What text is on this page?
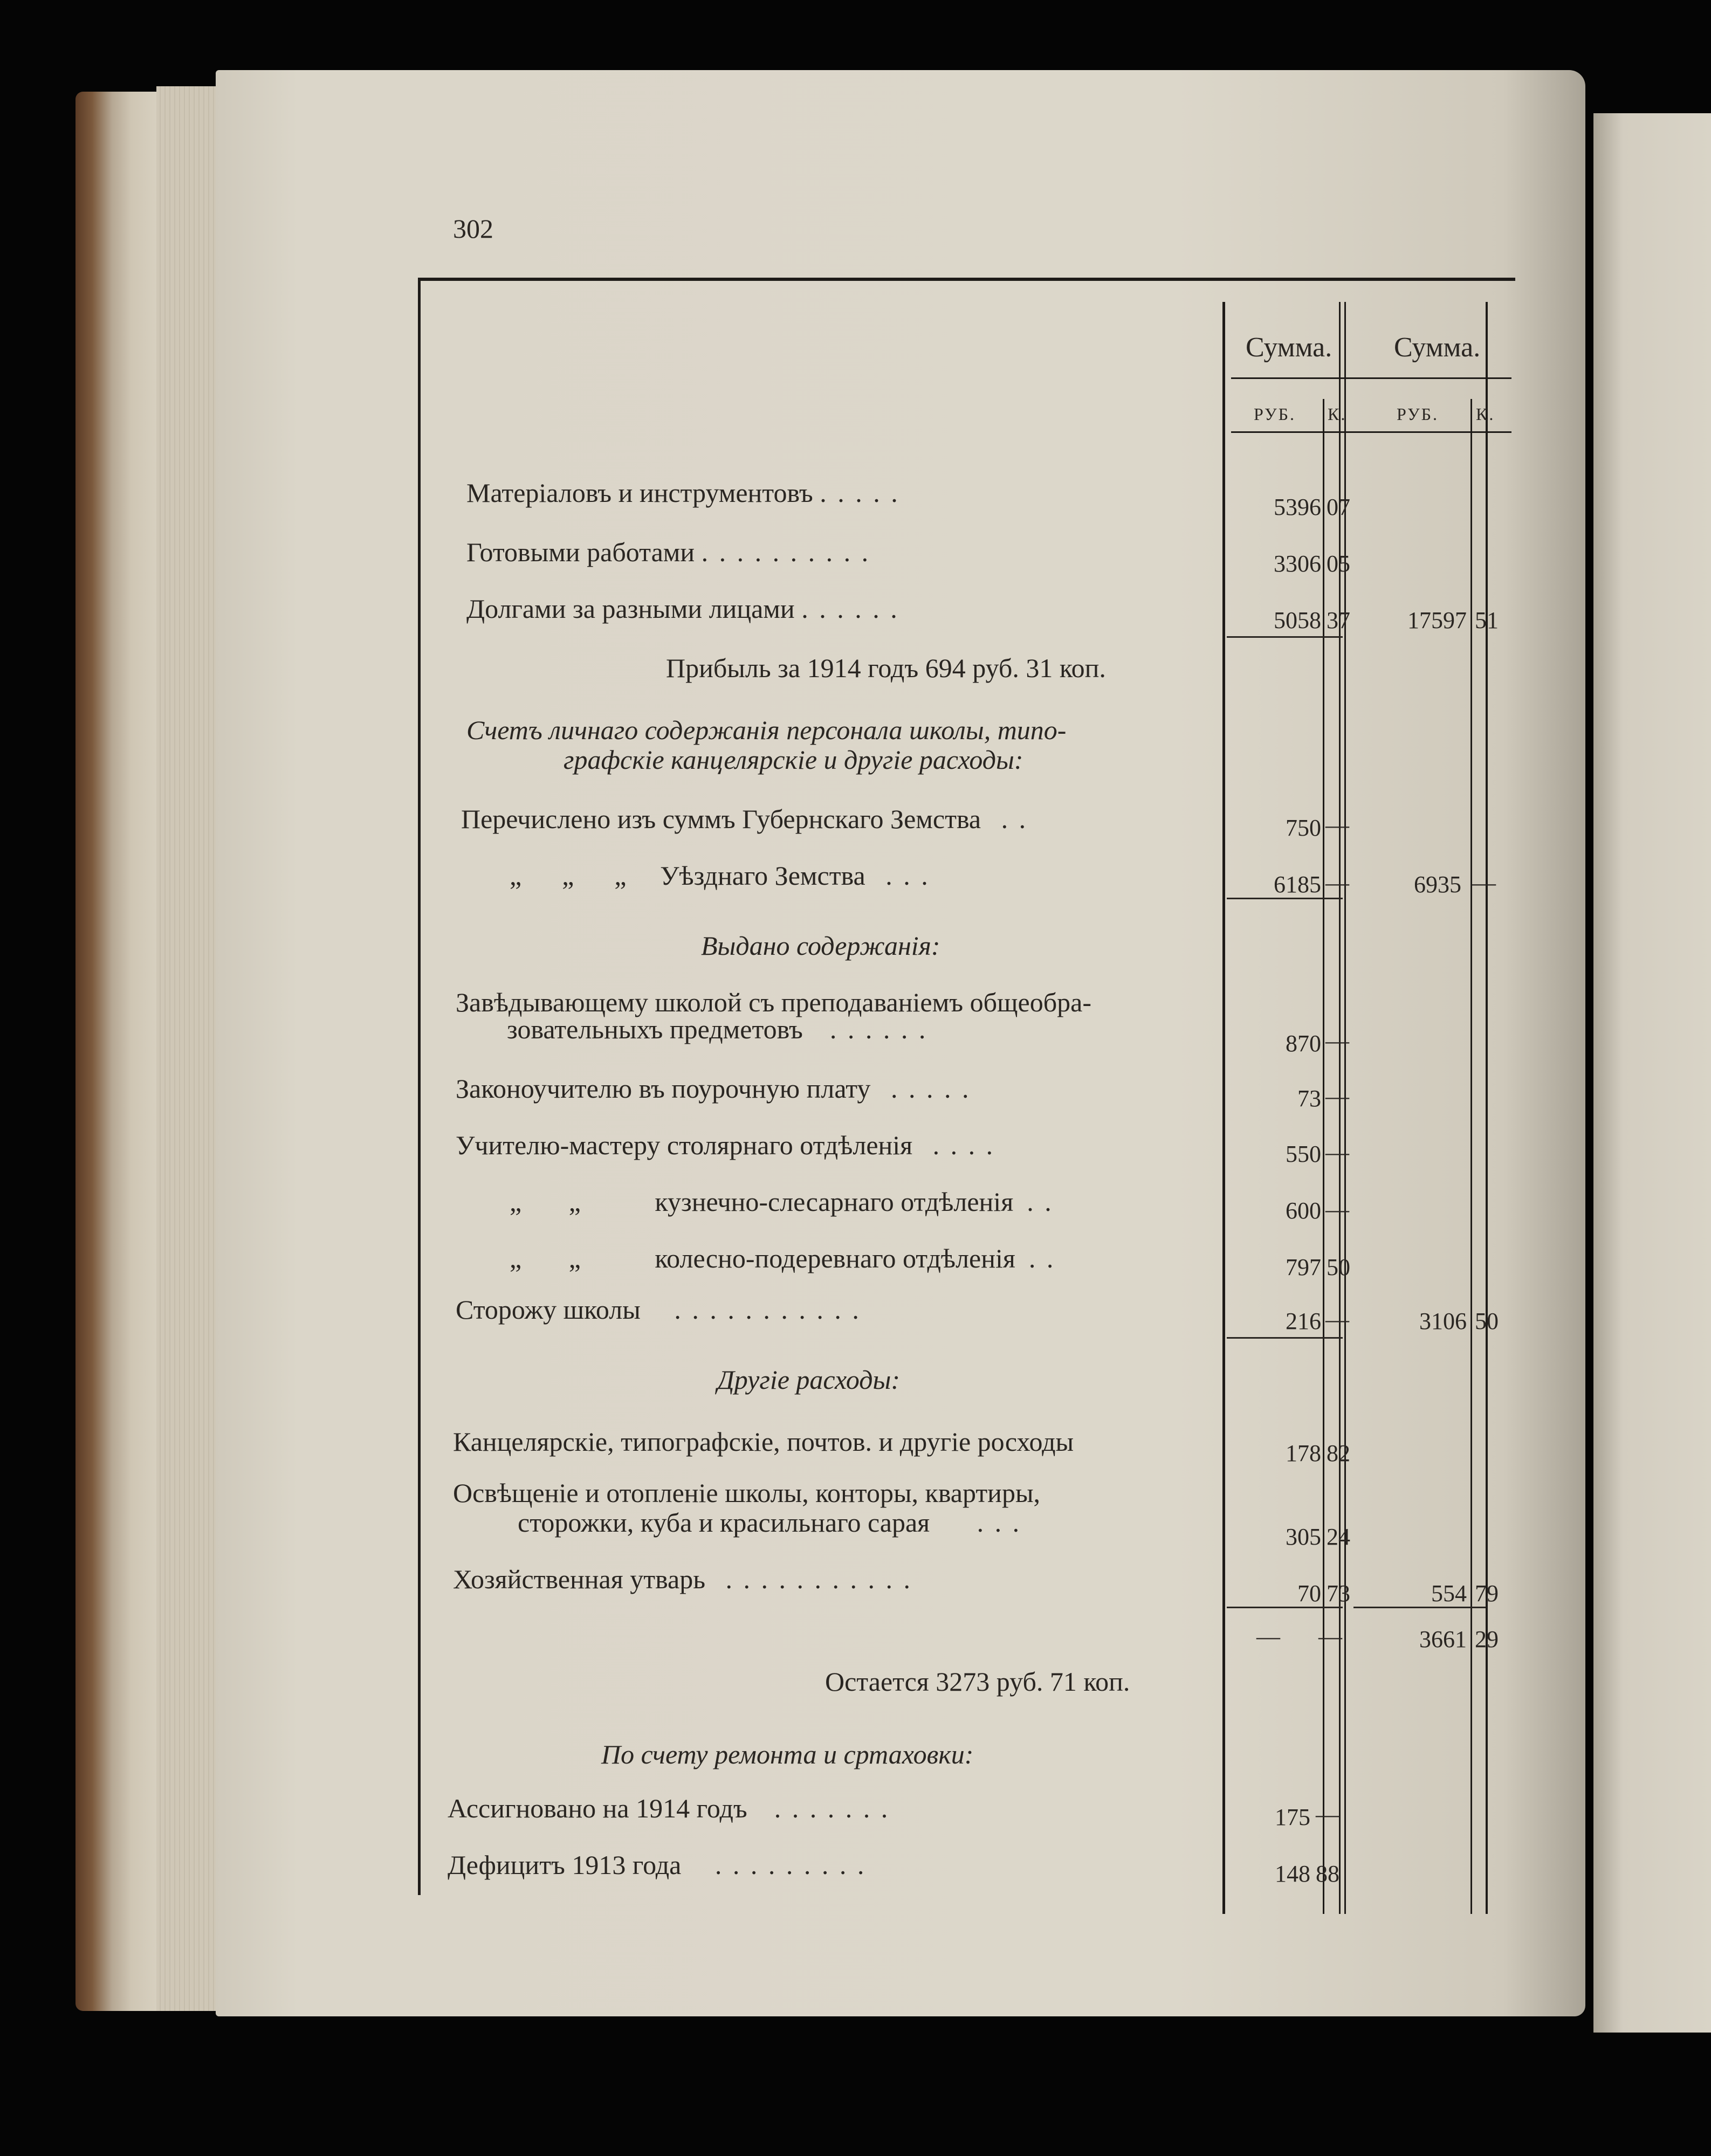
302
Сумма. Сумма.
РУБ. К.	РУБ. К.
Матеріаловъ и инструментовъ . . . . .	5396 07
Готовыми работами . . . . . . . . . .	3306 05
Долгами за разными лицами . . . . . .	5058 37	17597 51
Прибыль за 1914 годъ 694 руб. 31 коп.
Счетъ личнаго содержанія персонала школы, типо-
графскіе канцелярскіе и другіе расходы:
Перечислено изъ суммъ Губернскаго Земства . .	750 —
„ „ „ Уѣзднаго Земства . . .	6185 —	6935 —
Выдано содержанія:
Завѣдывающему школой съ преподаваніемъ общеобра-
зовательныхъ предметовъ . . . . . .	870 —
Законоучителю въ поурочную плату . . . . .	73 —
Учителю-мастеру столярнаго отдѣленія . . . .	550 —
„ „	кузнечно-слесарнаго отдѣленія . .	600 —
„ „	колесно-подеревнаго отдѣленія . .	797 50
Сторожу школы . . . . . . . . . . .	216 —	3106 50
Другіе расходы:
Канцелярскіе, типографскіе, почтов. и другіе росходы	178 82
Освѣщеніе и отопленіе школы, конторы, квартиры,
сторожки, куба и красильнаго сарая . . .	305 24
Хозяйственная утварь . . . . . . . . . . .	70 73	554 79
— —	3661 29
Остается 3273 руб. 71 коп.
По счету ремонта и сртаховки:
Ассигновано на 1914 годъ . . . . . . .	175 —
Дефицитъ 1913 года . . . . . . . . .	148 88
